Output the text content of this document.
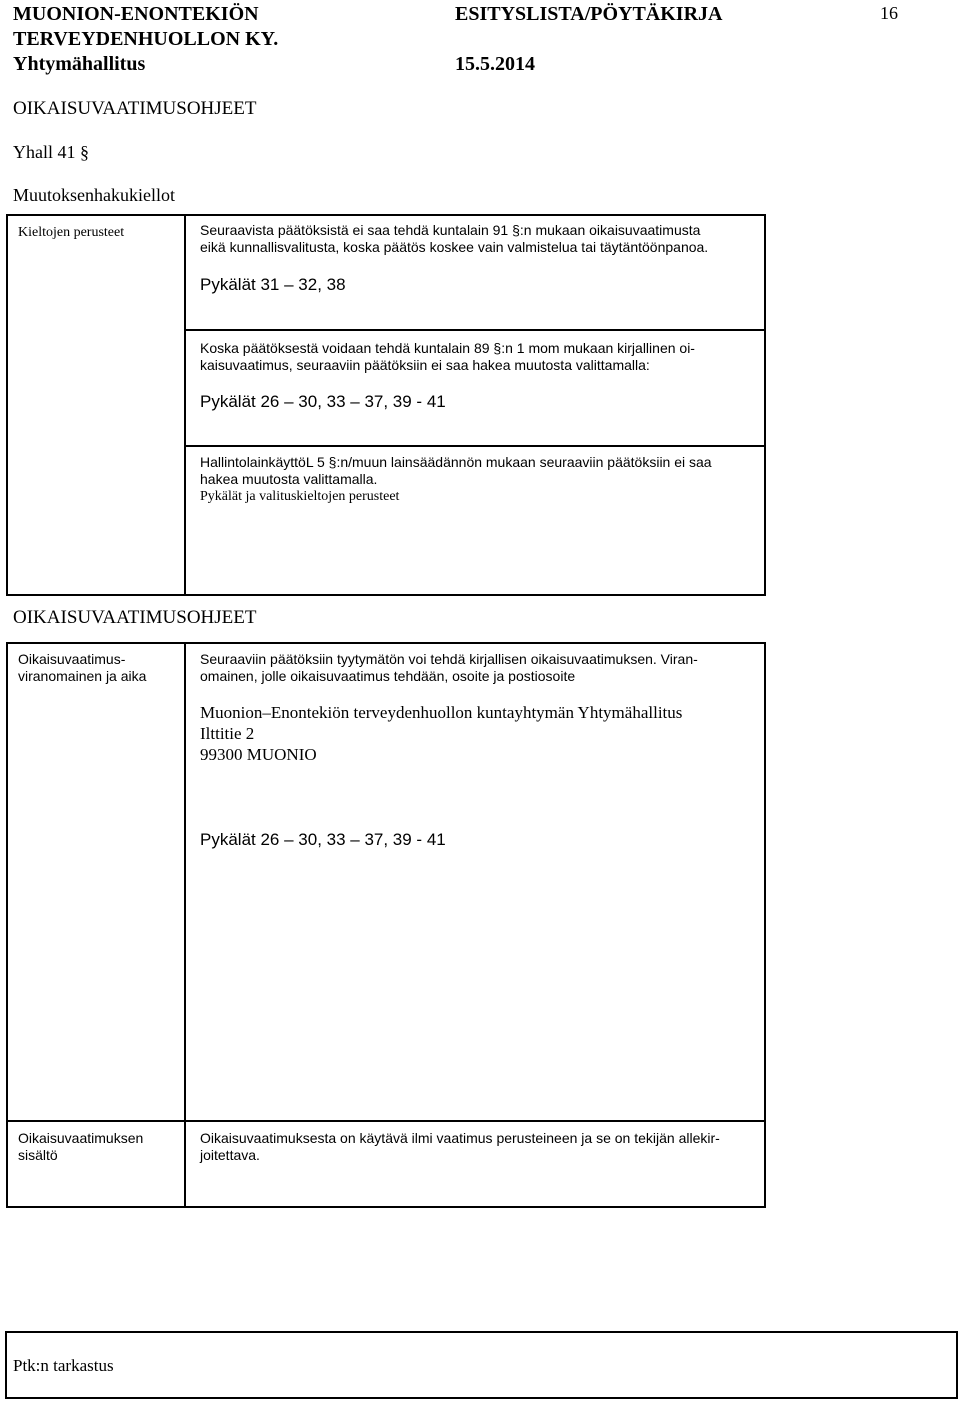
MUONION-ENONTEKIÖN
TERVEYDENHUOLLON KY.
Yhtymähallitus
ESITYSLISTA/PÖYTÄKIRJA
15.5.2014
16
OIKAISUVAATIMUSOHJEET
Yhall 41 §
Muutoksenhakukiellot
Kieltojen perusteet	Seuraavista päätöksistä ei saa tehdä kuntalain 91 §:n mukaan oikaisuvaatimusta
eikä kunnallisvalitusta, koska päätös koskee vain valmistelua tai täytäntöönpanoa.
Pykälät 31 – 32, 38
Koska päätöksestä voidaan tehdä kuntalain 89 §:n 1 mom mukaan kirjallinen oi-
kaisuvaatimus, seuraaviin päätöksiin ei saa hakea muutosta valittamalla:
Pykälät 26 – 30, 33 – 37, 39 - 41
HallintolainkäyttöL 5 §:n/muun lainsäädännön mukaan seuraaviin päätöksiin ei saa
hakea muutosta valittamalla.
Pykälät ja valituskieltojen perusteet
OIKAISUVAATIMUSOHJEET
Oikaisuvaatimus-
viranomainen ja aika
Seuraaviin päätöksiin tyytymätön voi tehdä kirjallisen oikaisuvaatimuksen. Viran-
omainen, jolle oikaisuvaatimus tehdään, osoite ja postiosoite
Muonion–Enontekiön terveydenhuollon kuntayhtymän Yhtymähallitus
Ilttitie 2
99300 MUONIO
Pykälät 26 – 30, 33 – 37, 39 - 41
Oikaisuvaatimuksen
sisältö
Oikaisuvaatimuksesta on käytävä ilmi vaatimus perusteineen ja se on tekijän allekir-
joitettava.
Ptk:n tarkastus
